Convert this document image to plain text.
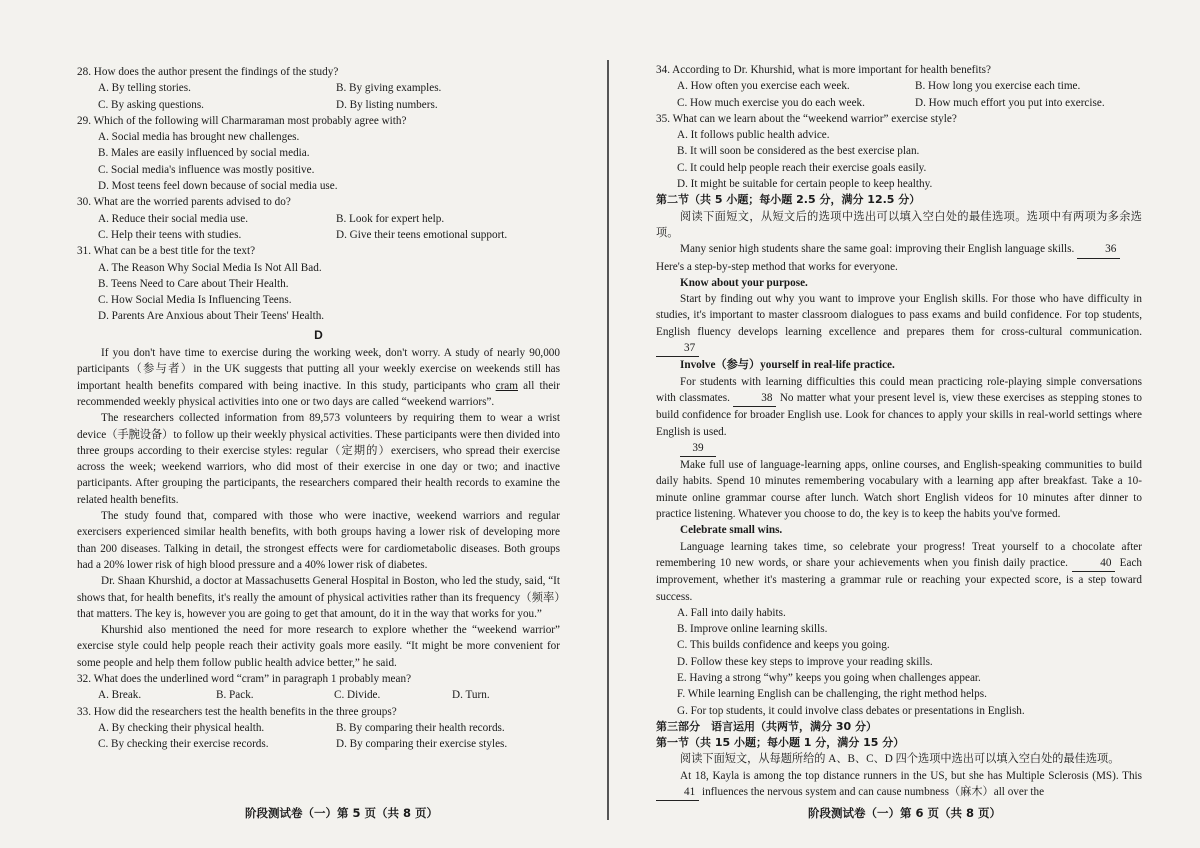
28. How does the author present the findings of the study?

A. By telling stories.	B. By giving examples.
C. By asking questions.	D. By listing numbers.

29. Which of the following will Charmaraman most probably agree with?

A. Social media has brought new challenges.
B. Males are easily influenced by social media.
C. Social media's influence was mostly positive.
D. Most teens feel down because of social media use.

30. What are the worried parents advised to do?

A. Reduce their social media use.	B. Look for expert help.
C. Help their teens with studies.	D. Give their teens emotional support.

31. What can be a best title for the text?

A. The Reason Why Social Media Is Not All Bad.
B. Teens Need to Care about Their Health.
C. How Social Media Is Influencing Teens.
D. Parents Are Anxious about Their Teens' Health.
D

If you don't have time to exercise during the working week, don't worry. A study of nearly 90,000 participants（参与者）in the UK suggests that putting all your weekly exercise on weekends still has important health benefits compared with being inactive. In this study, participants who cram all their recommended weekly physical activities into one or two days are called “weekend warriors”.

The researchers collected information from 89,573 volunteers by requiring them to wear a wrist device（手腕设备）to follow up their weekly physical activities. These participants were then divided into three groups according to their exercise styles: regular（定期的）exercisers, who spread their exercise across the week; weekend warriors, who did most of their exercise in one day or two; and inactive participants. After grouping the participants, the researchers compared their health records to examine the related health benefits.

The study found that, compared with those who were inactive, weekend warriors and regular exercisers experienced similar health benefits, with both groups having a lower risk of developing more than 200 diseases. Talking in detail, the strongest effects were for cardiometabolic diseases. Both groups had a 20% lower risk of high blood pressure and a 40% lower risk of diabetes.

Dr. Shaan Khurshid, a doctor at Massachusetts General Hospital in Boston, who led the study, said, “It shows that, for health benefits, it's really the amount of physical activities rather than its frequency（频率）that matters. The key is, however you are going to get that amount, do it in the way that works for you.”

Khurshid also mentioned the need for more research to explore whether the “weekend warrior” exercise style could help people reach their activity goals more easily. “It might be more convenient for some people and help them follow public health advice better,” he said.

32. What does the underlined word “cram” in paragraph 1 probably mean?

A. Break.	B. Pack.	C. Divide.	D. Turn.

33. How did the researchers test the health benefits in the three groups?

A. By checking their physical health.	B. By comparing their health records.
C. By checking their exercise records.	D. By comparing their exercise styles.
阶段测试卷（一）第 5 页（共 8 页）

34. According to Dr. Khurshid, what is more important for health benefits?

A. How often you exercise each week.	B. How long you exercise each time.
C. How much exercise you do each week.	D. How much effort you put into exercise.

35. What can we learn about the “weekend warrior” exercise style?

A. It follows public health advice.
B. It will soon be considered as the best exercise plan.
C. It could help people reach their exercise goals easily.
D. It might be suitable for certain people to keep healthy.
第二节（共 5 小题；每小题 2.5 分，满分 12.5 分）

阅读下面短文，从短文后的选项中选出可以填入空白处的最佳选项。选项中有两项为多余选项。

Many senior high students share the same goal: improving their English language skills.	36
Here's a step-by-step method that works for everyone.

Know about your purpose.

Start by finding out why you want to improve your English skills. For those who have difficulty in studies, it's important to master classroom dialogues to pass exams and build confidence. For top students, English fluency develops learning excellence and prepares them for cross-cultural communication. 37

Involve（参与）yourself in real-life practice.

For students with learning difficulties this could mean practicing role-playing simple conversations with classmates.	38 No matter what your present level is, view these exercises as stepping stones to build confidence for broader English use. Look for chances to apply your skills in real-world settings where English is used.

39

Make full use of language-learning apps, online courses, and English-speaking communities to build daily habits. Spend 10 minutes remembering vocabulary with a learning app after breakfast. Take a 10-minute online grammar course after lunch. Watch short English videos for 10 minutes after dinner to practice listening. Whatever you choose to do, the key is to keep the habits you've formed.

Celebrate small wins.

Language learning takes time, so celebrate your progress! Treat yourself to a chocolate after remembering 10 new words, or share your achievements when you finish daily practice.	40 Each improvement, whether it's mastering a grammar rule or reaching your expected score, is a step toward success.

A. Fall into daily habits.
B. Improve online learning skills.
C. This builds confidence and keeps you going.
D. Follow these key steps to improve your reading skills.
E. Having a strong “why” keeps you going when challenges appear.
F. While learning English can be challenging, the right method helps.
G. For top students, it could involve class debates or presentations in English.
第三部分　语言运用（共两节，满分 30 分）
第一节（共 15 小题；每小题 1 分，满分 15 分）

阅读下面短文，从每题所给的 A、B、C、D 四个选项中选出可以填入空白处的最佳选项。

At 18, Kayla is among the top distance runners in the US, but she has Multiple Sclerosis (MS). This 41 influences the nervous system and can cause numbness（麻木）all over the

阶段测试卷（一）第 6 页（共 8 页）
